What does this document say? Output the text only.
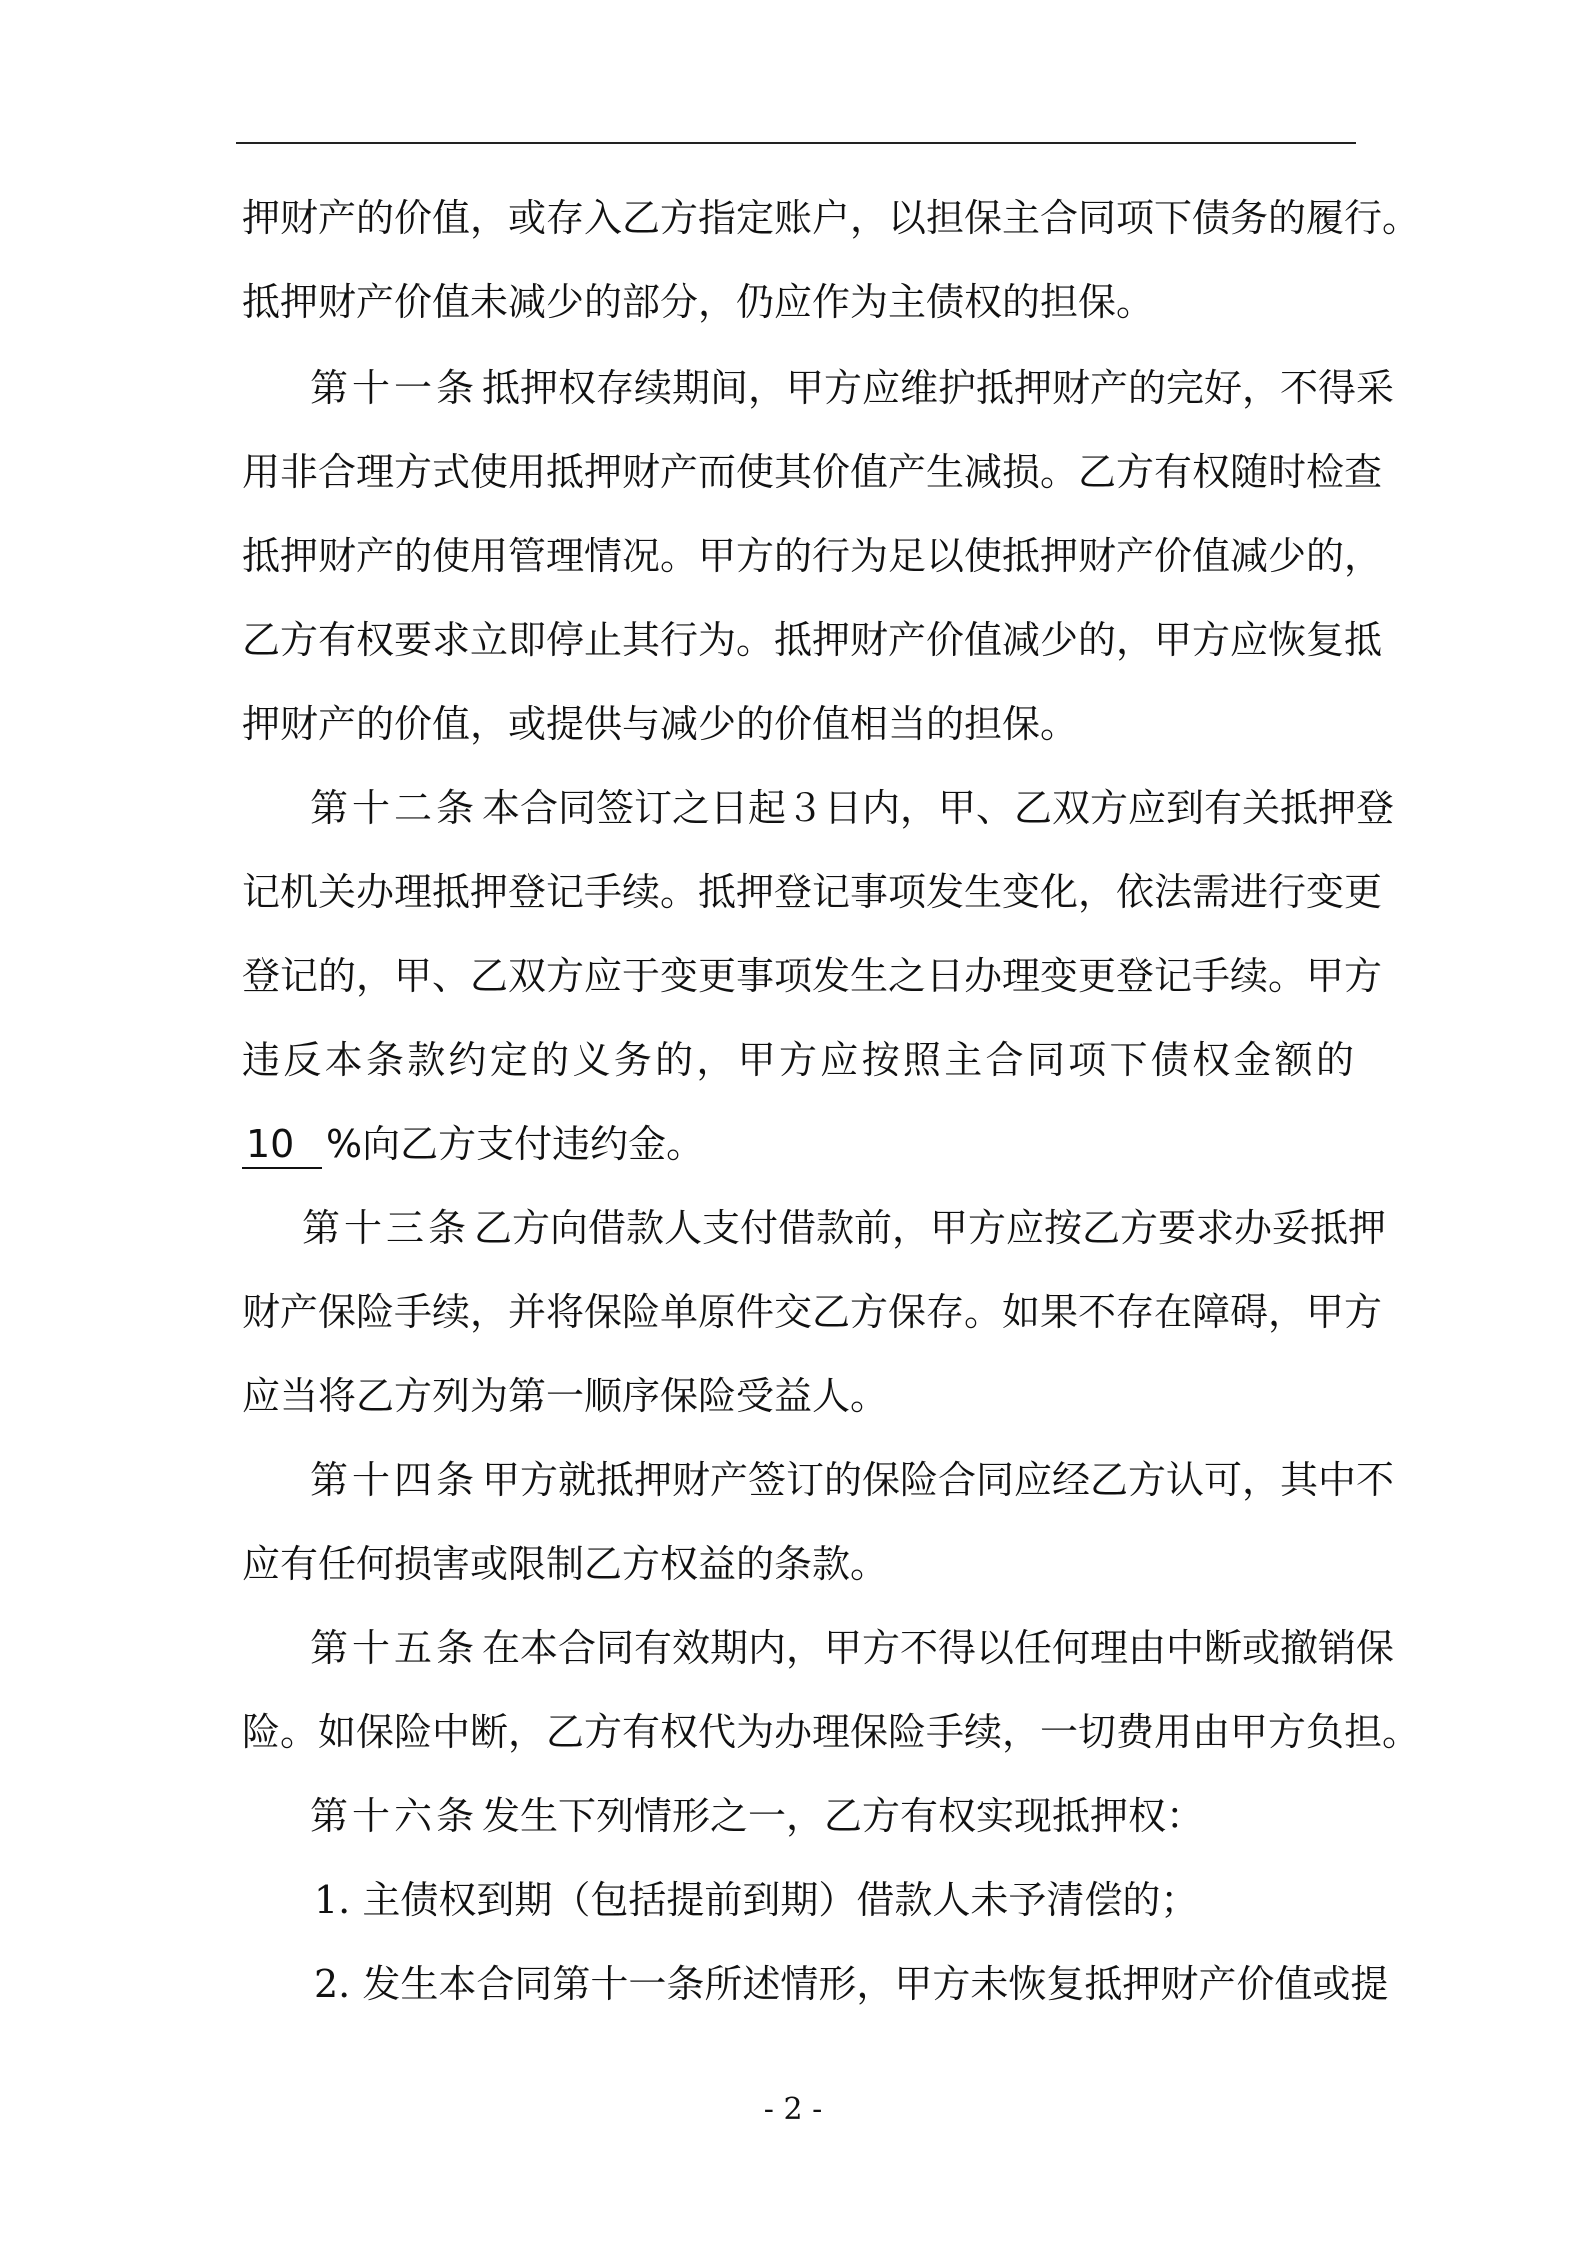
押财产的价值，或存入乙方指定账户，以担保主合同项下债务的履行。
抵押财产价值未减少的部分，仍应作为主债权的担保。
第十一条 抵押权存续期间，甲方应维护抵押财产的完好，不得采
用非合理方式使用抵押财产而使其价值产生减损。乙方有权随时检查
抵押财产的使用管理情况。甲方的行为足以使抵押财产价值减少的，
乙方有权要求立即停止其行为。抵押财产价值减少的，甲方应恢复抵
押财产的价值，或提供与减少的价值相当的担保。
第十二条 本合同签订之日起３日内，甲、乙双方应到有关抵押登
记机关办理抵押登记手续。抵押登记事项发生变化，依法需进行变更
登记的，甲、乙双方应于变更事项发生之日办理变更登记手续。甲方
违反本条款约定的义务的，甲方应按照主合同项下债权金额的
10 %向乙方支付违约金。
第十三条 乙方向借款人支付借款前，甲方应按乙方要求办妥抵押
财产保险手续，并将保险单原件交乙方保存。如果不存在障碍，甲方
应当将乙方列为第一顺序保险受益人。
第十四条 甲方就抵押财产签订的保险合同应经乙方认可，其中不
应有任何损害或限制乙方权益的条款。
第十五条 在本合同有效期内，甲方不得以任何理由中断或撤销保
险。如保险中断，乙方有权代为办理保险手续，一切费用由甲方负担。
第十六条 发生下列情形之一，乙方有权实现抵押权：
1. 主债权到期（包括提前到期）借款人未予清偿的；
2. 发生本合同第十一条所述情形，甲方未恢复抵押财产价值或提
- 2 -
